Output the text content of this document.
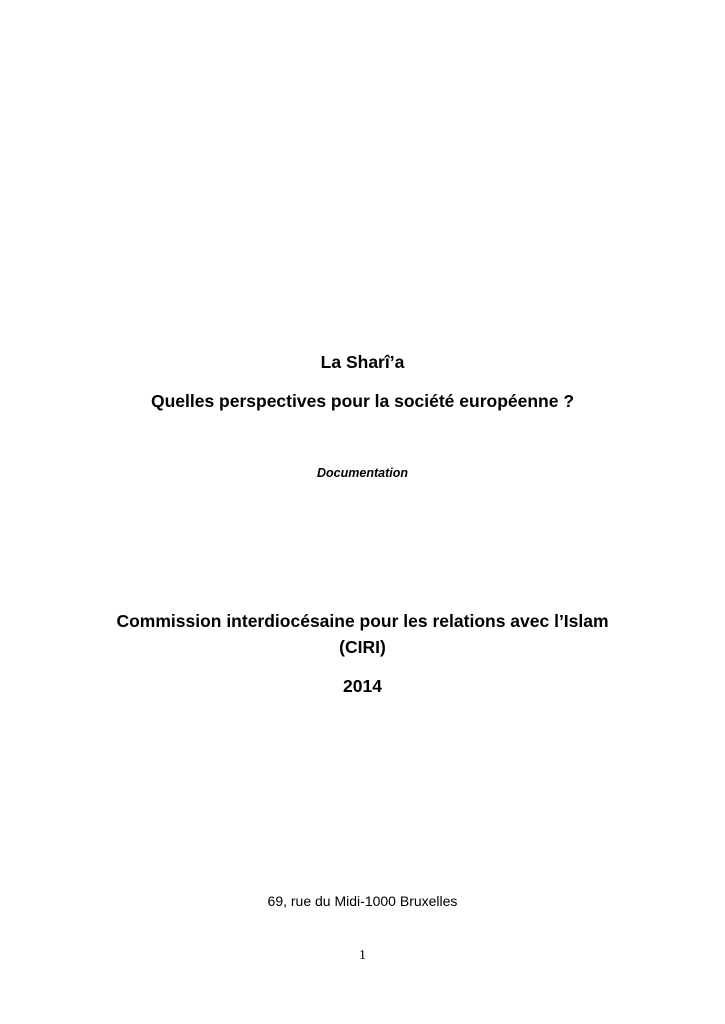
La Sharî’a
Quelles perspectives pour la société européenne ?
Documentation
Commission interdiocésaine pour les relations avec l’Islam
(CIRI)
2014
69, rue du Midi-1000 Bruxelles
1
